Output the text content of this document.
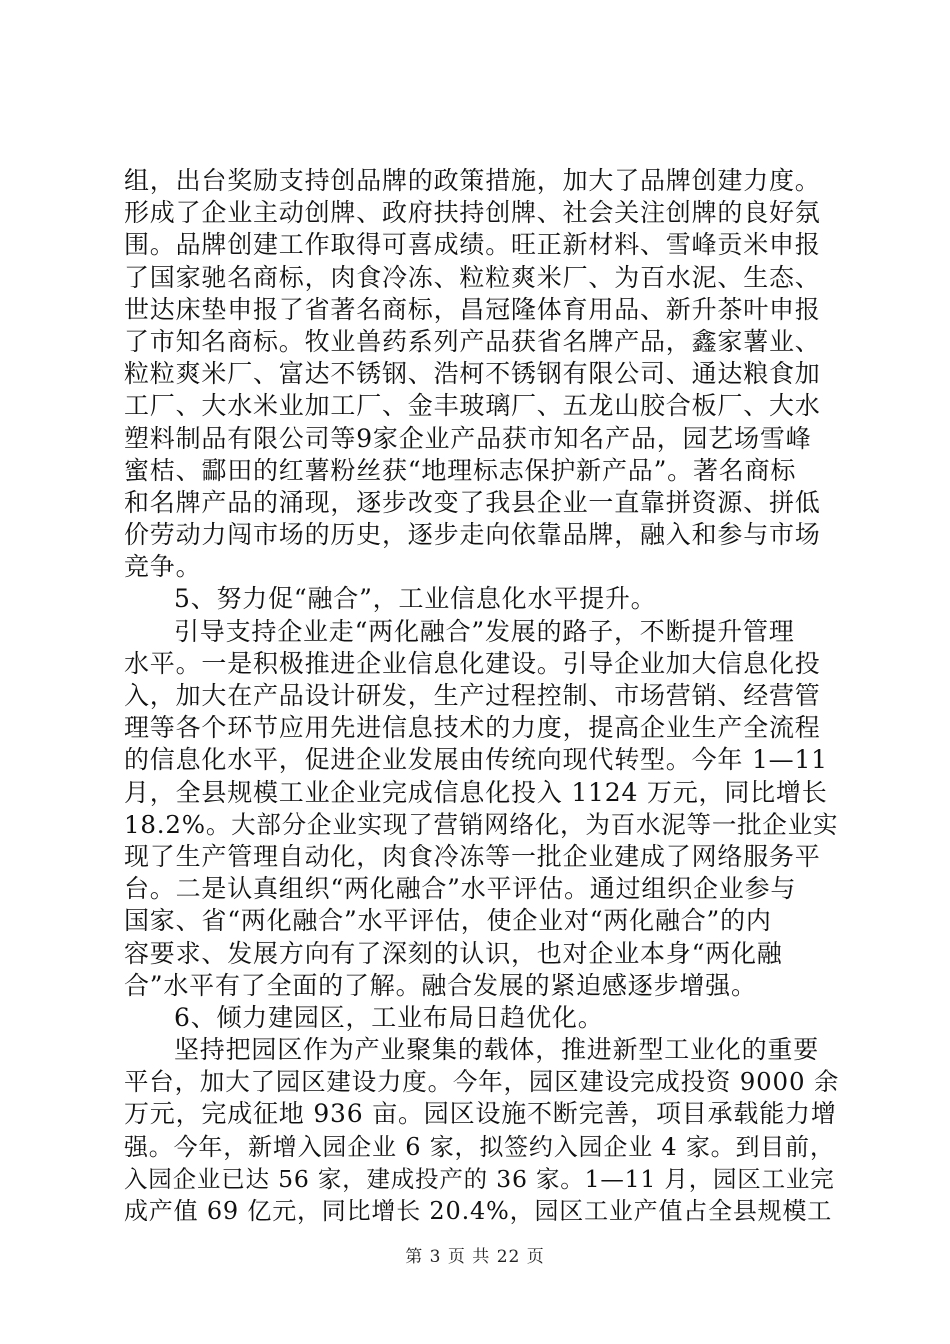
组，出台奖励支持创品牌的政策措施，加大了品牌创建力度。
形成了企业主动创牌、政府扶持创牌、社会关注创牌的良好氛
围。品牌创建工作取得可喜成绩。旺正新材料、雪峰贡米申报
了国家驰名商标，肉食冷冻、粒粒爽米厂、为百水泥、生态、
世达床垫申报了省著名商标，昌冠隆体育用品、新升茶叶申报
了市知名商标。牧业兽药系列产品获省名牌产品，鑫家薯业、
粒粒爽米厂、富达不锈钢、浩柯不锈钢有限公司、通达粮食加
工厂、大水米业加工厂、金丰玻璃厂、五龙山胶合板厂、大水
塑料制品有限公司等9家企业产品获市知名产品，园艺场雪峰
蜜桔、酃田的红薯粉丝获“地理标志保护新产品”。著名商标
和名牌产品的涌现，逐步改变了我县企业一直靠拼资源、拼低
价劳动力闯市场的历史，逐步走向依靠品牌，融入和参与市场
竞争。
5、努力促“融合”，工业信息化水平提升。
引导支持企业走“两化融合”发展的路子，不断提升管理
水平。一是积极推进企业信息化建设。引导企业加大信息化投
入，加大在产品设计研发，生产过程控制、市场营销、经营管
理等各个环节应用先进信息技术的力度，提高企业生产全流程
的信息化水平，促进企业发展由传统向现代转型。今年 1—11
月，全县规模工业企业完成信息化投入 1124 万元，同比增长
18.2%。大部分企业实现了营销网络化，为百水泥等一批企业实
现了生产管理自动化，肉食冷冻等一批企业建成了网络服务平
台。二是认真组织“两化融合”水平评估。通过组织企业参与
国家、省“两化融合”水平评估，使企业对“两化融合”的内
容要求、发展方向有了深刻的认识，也对企业本身“两化融
合”水平有了全面的了解。融合发展的紧迫感逐步增强。
6、倾力建园区，工业布局日趋优化。
坚持把园区作为产业聚集的载体，推进新型工业化的重要
平台，加大了园区建设力度。今年，园区建设完成投资 9000 余
万元，完成征地 936 亩。园区设施不断完善，项目承载能力增
强。今年，新增入园企业 6 家，拟签约入园企业 4 家。到目前，
入园企业已达 56 家，建成投产的 36 家。1—11 月，园区工业完
成产值 69 亿元，同比增长 20.4%，园区工业产值占全县规模工
第 3 页 共 22 页
